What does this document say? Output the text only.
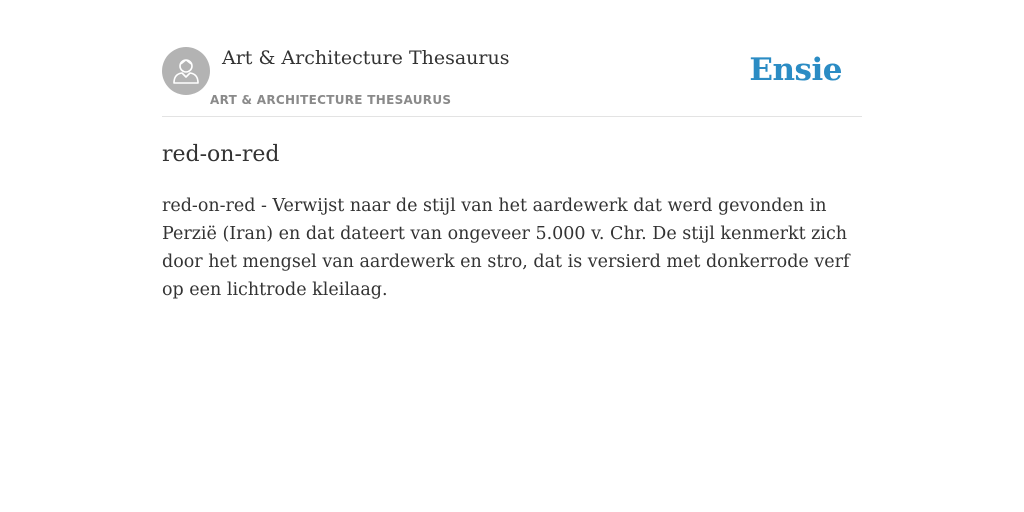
Art & Architecture Thesaurus
ART & ARCHITECTURE THESAURUS
Ensie
red-on-red

red-on-red - Verwijst naar de stijl van het aardewerk dat werd gevonden in Perzië (Iran) en dat dateert van ongeveer 5.000 v. Chr. De stijl kenmerkt zich door het mengsel van aardewerk en stro, dat is versierd met donkerrode verf op een lichtrode kleilaag.
